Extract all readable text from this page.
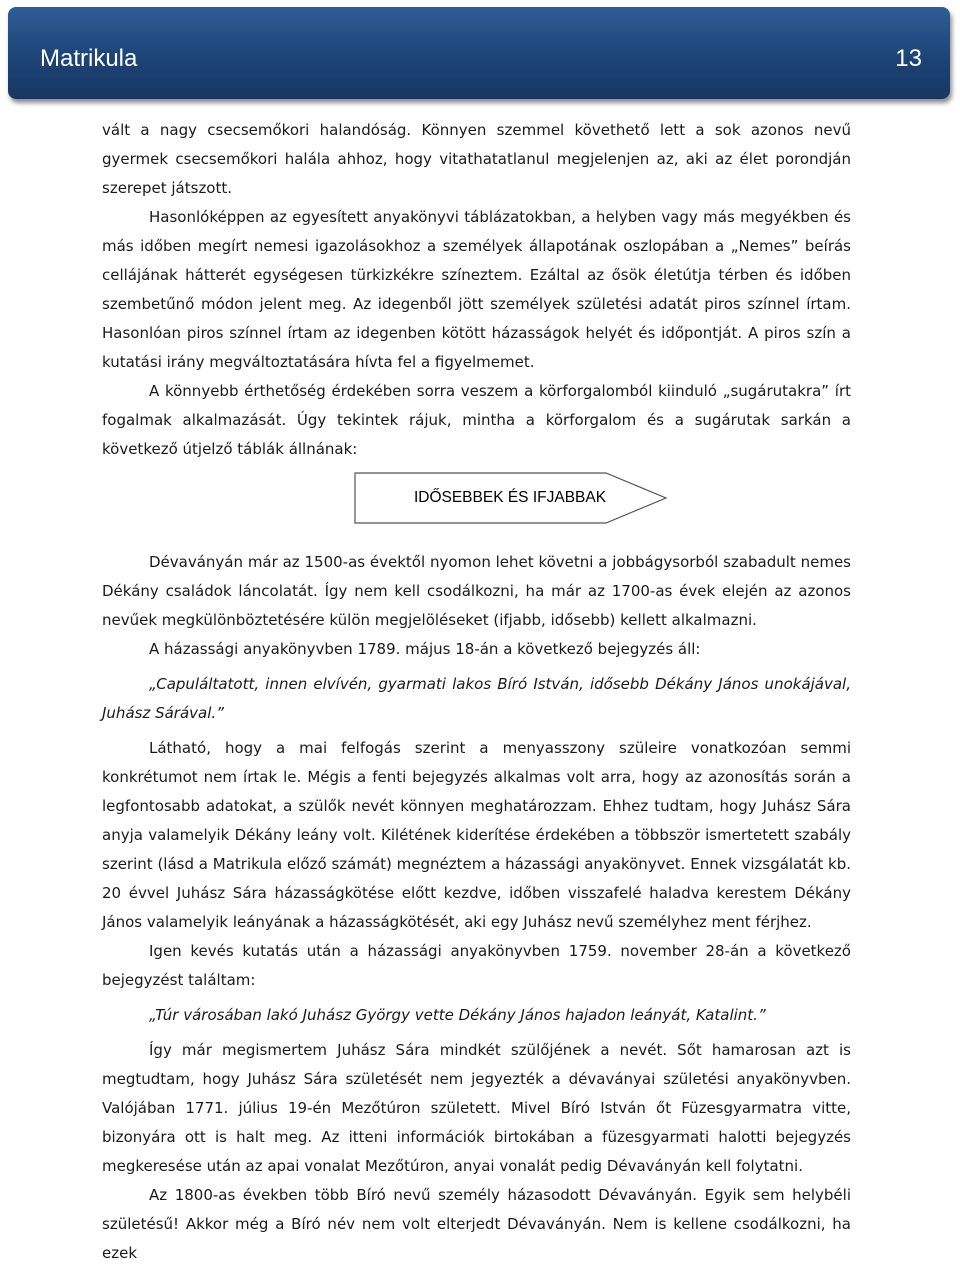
Matrikula	13

vált a nagy csecsemőkori halandóság. Könnyen szemmel követhető lett a sok azonos nevű gyermek csecsemőkori halála ahhoz, hogy vitathatatlanul megjelenjen az, aki az élet porondján szerepet játszott.

Hasonlóképpen az egyesített anyakönyvi táblázatokban, a helyben vagy más megyékben és más időben megírt nemesi igazolásokhoz a személyek állapotának oszlopában a „Nemes” beírás cellájának hátterét egységesen türkizkékre színeztem. Ezáltal az ősök életútja térben és időben szembetűnő módon jelent meg. Az idegenből jött személyek születési adatát piros színnel írtam. Hasonlóan piros színnel írtam az idegenben kötött házasságok helyét és időpontját. A piros szín a kutatási irány megváltoztatására hívta fel a figyelmemet.

A könnyebb érthetőség érdekében sorra veszem a körforgalomból kiinduló „sugárutakra” írt fogalmak alkalmazását. Úgy tekintek rájuk, mintha a körforgalom és a sugárutak sarkán a következő útjelző táblák állnának:

IDŐSEBBEK ÉS IFJABBAK

Dévaványán már az 1500-as évektől nyomon lehet követni a jobbágysorból szabadult nemes Dékány családok láncolatát. Így nem kell csodálkozni, ha már az 1700-as évek elején az azonos nevűek megkülönböztetésére külön megjelöléseket (ifjabb, idősebb) kellett alkalmazni.

A házassági anyakönyvben 1789. május 18-án a következő bejegyzés áll:

„Capuláltatott, innen elvívén, gyarmati lakos Bíró István, idősebb Dékány János unokájával, Juhász Sárával.”

Látható, hogy a mai felfogás szerint a menyasszony szüleire vonatkozóan semmi konkrétumot nem írtak le. Mégis a fenti bejegyzés alkalmas volt arra, hogy az azonosítás során a legfontosabb adatokat, a szülők nevét könnyen meghatározzam. Ehhez tudtam, hogy Juhász Sára anyja valamelyik Dékány leány volt. Kilétének kiderítése érdekében a többször ismertetett szabály szerint (lásd a Matrikula előző számát) megnéztem a házassági anyakönyvet. Ennek vizsgálatát kb. 20 évvel Juhász Sára házasságkötése előtt kezdve, időben visszafelé haladva kerestem Dékány János valamelyik leányának a házasságkötését, aki egy Juhász nevű személyhez ment férjhez.

Igen kevés kutatás után a házassági anyakönyvben 1759. november 28-án a következő bejegyzést találtam:

„Túr városában lakó Juhász György vette Dékány János hajadon leányát, Katalint.”

Így már megismertem Juhász Sára mindkét szülőjének a nevét. Sőt hamarosan azt is megtudtam, hogy Juhász Sára születését nem jegyezték a dévaványai születési anyakönyvben. Valójában 1771. július 19-én Mezőtúron született. Mivel Bíró István őt Füzesgyarmatra vitte, bizonyára ott is halt meg. Az itteni információk birtokában a füzesgyarmati halotti bejegyzés megkeresése után az apai vonalat Mezőtúron, anyai vonalát pedig Dévaványán kell folytatni.

Az 1800-as években több Bíró nevű személy házasodott Dévaványán. Egyik sem helybéli születésű! Akkor még a Bíró név nem volt elterjedt Dévaványán. Nem is kellene csodálkozni, ha ezek
